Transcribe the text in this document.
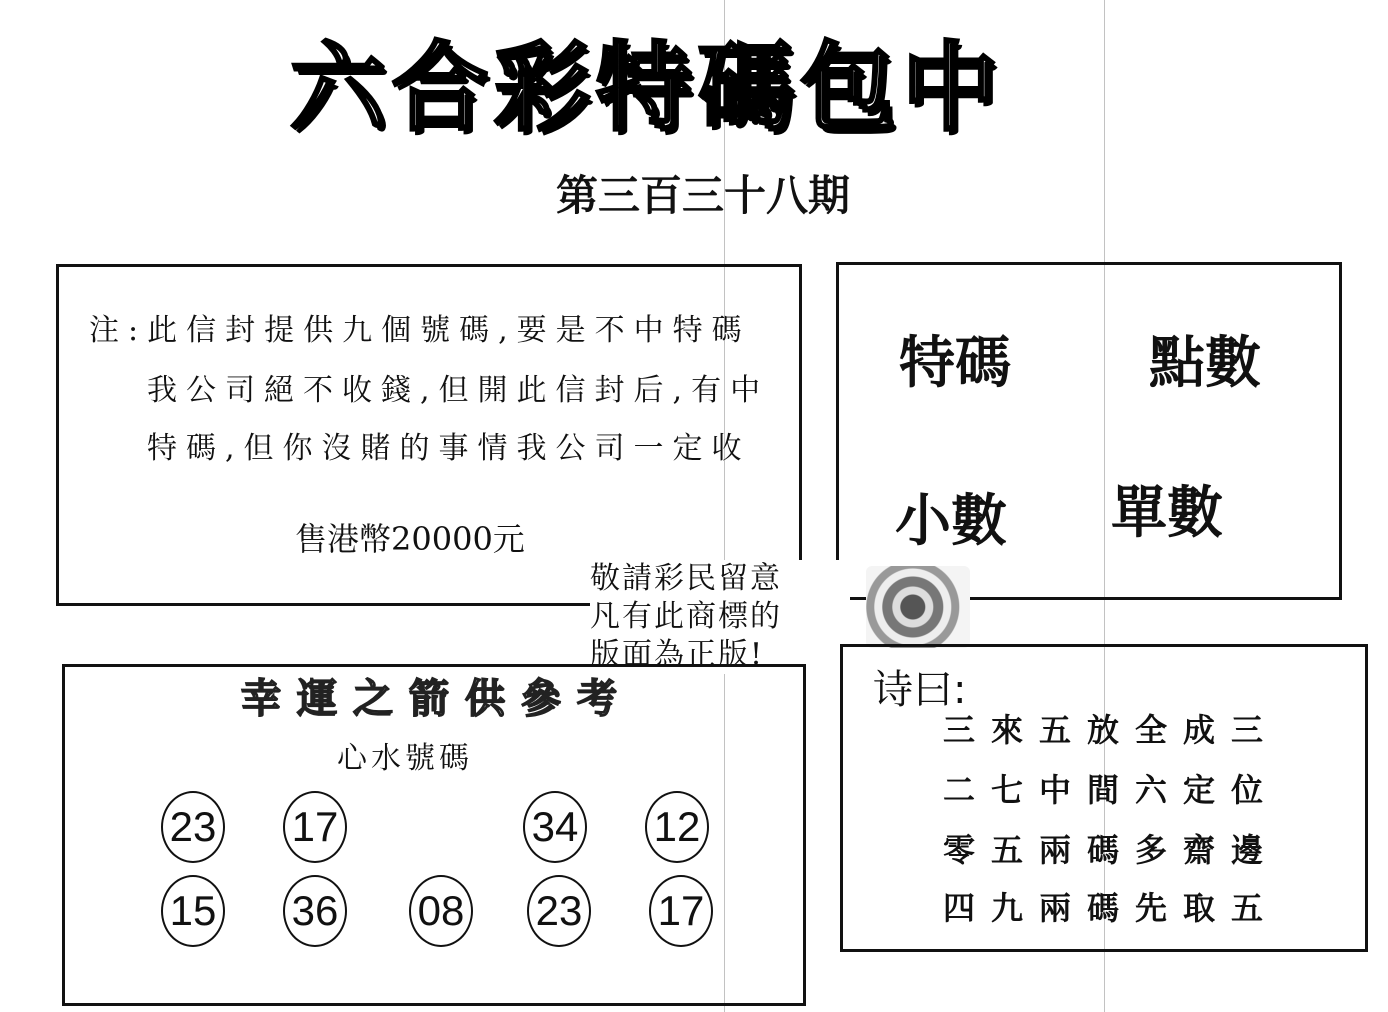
六合彩特碼包中
第三百三十八期
注:此信封提供九個號碼,要是不中特碼
我公司絕不收錢,但開此信封后,有中
特碼,但你沒賭的事情我公司一定收
售港幣20000元
特碼 點數
小數 單數
敬請彩民留意
凡有此商標的
版面為正版!
幸運之箭供參考
心水號碼
23 17	34 12
15 36 08 23 17
诗曰:
三來五放全成三
二七中間六定位
零五兩碼多齋邊
四九兩碼先取五
